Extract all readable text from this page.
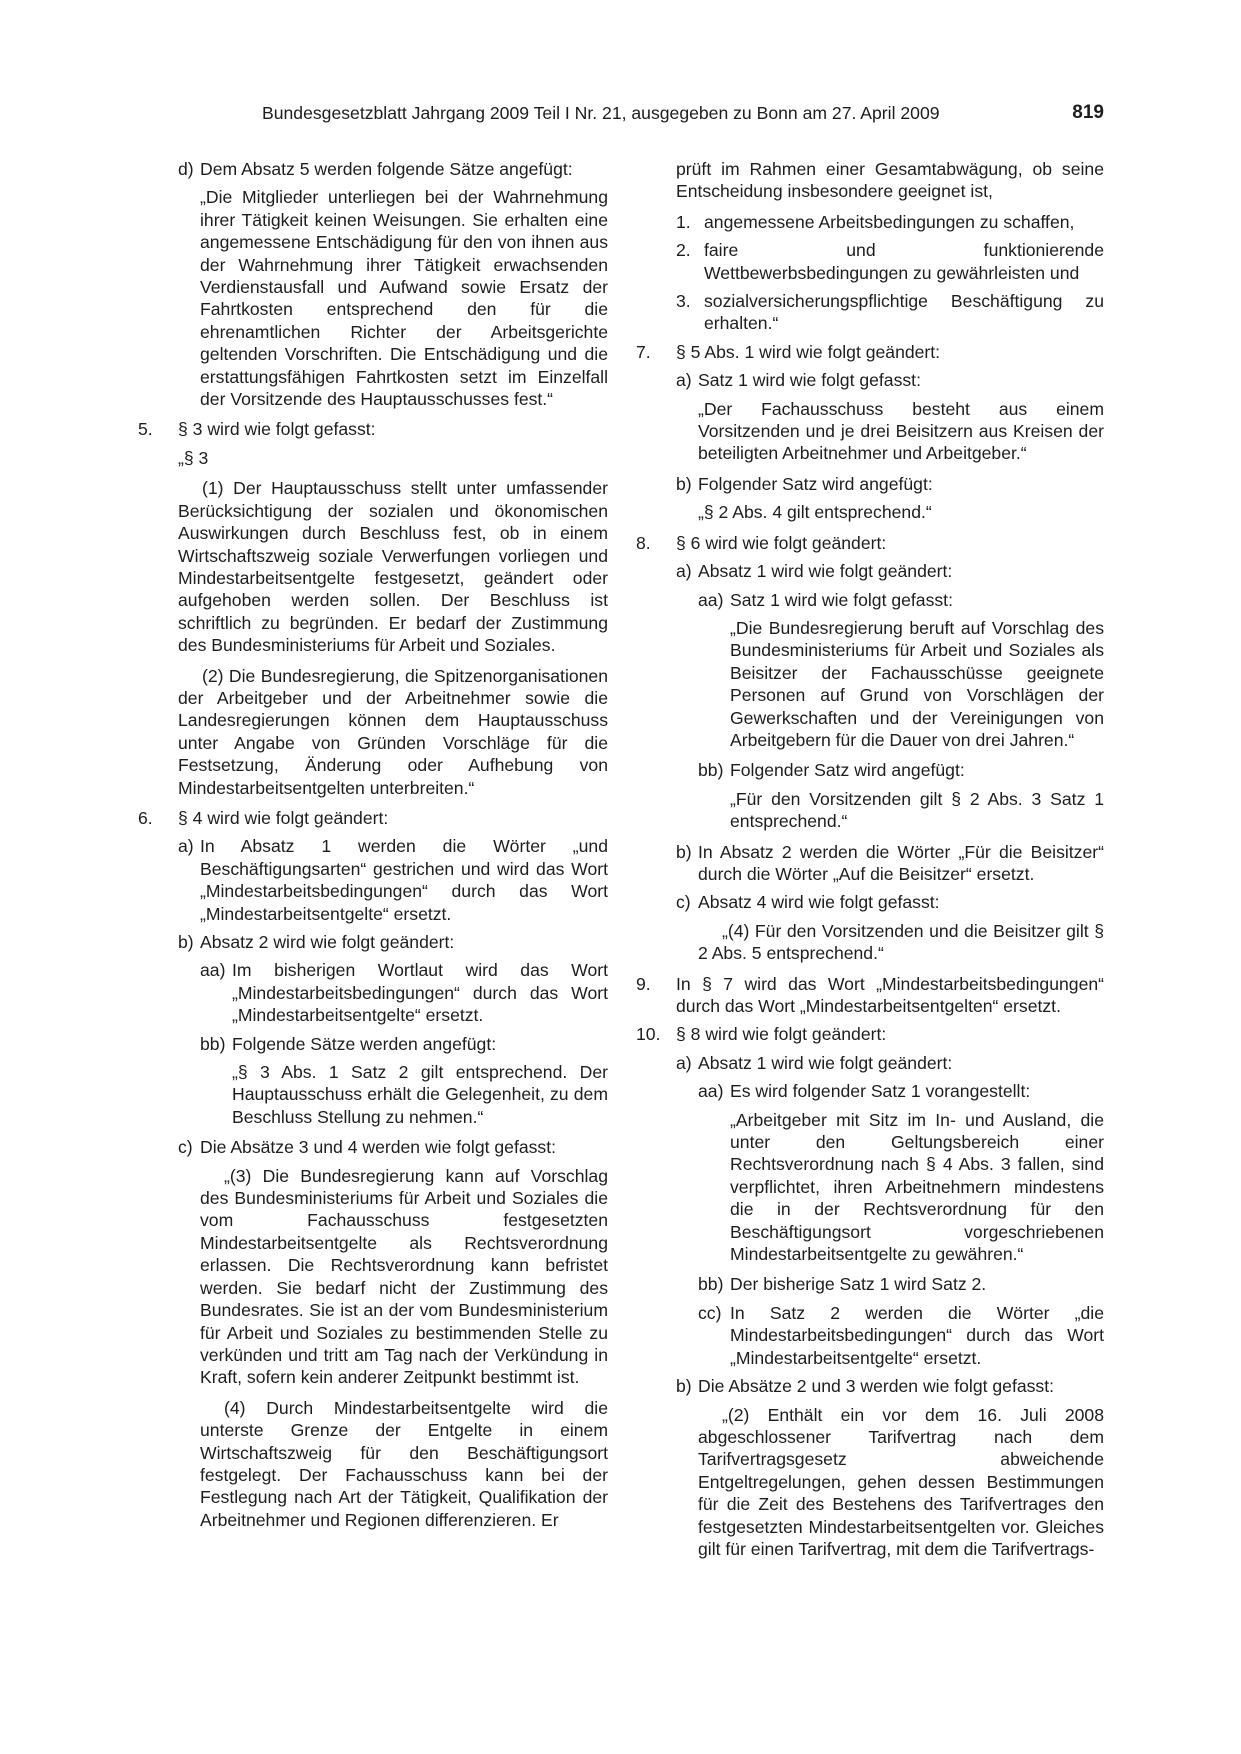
Bundesgesetzblatt Jahrgang 2009 Teil I Nr. 21, ausgegeben zu Bonn am 27. April 2009	819
d) Dem Absatz 5 werden folgende Sätze angefügt:
„Die Mitglieder unterliegen bei der Wahrnehmung ihrer Tätigkeit keinen Weisungen. Sie erhalten eine angemessene Entschädigung für den von ihnen aus der Wahrnehmung ihrer Tätigkeit erwachsenden Verdienstausfall und Aufwand sowie Ersatz der Fahrtkosten entsprechend den für die ehrenamtlichen Richter der Arbeitsgerichte geltenden Vorschriften. Die Entschädigung und die erstattungsfähigen Fahrtkosten setzt im Einzelfall der Vorsitzende des Hauptausschusses fest.“
5.	§ 3 wird wie folgt gefasst:
„§ 3
(1) Der Hauptausschuss stellt unter umfassender Berücksichtigung der sozialen und ökonomischen Auswirkungen durch Beschluss fest, ob in einem Wirtschaftszweig soziale Verwerfungen vorliegen und Mindestarbeitsentgelte festgesetzt, geändert oder aufgehoben werden sollen. Der Beschluss ist schriftlich zu begründen. Er bedarf der Zustimmung des Bundesministeriums für Arbeit und Soziales.
(2) Die Bundesregierung, die Spitzenorganisationen der Arbeitgeber und der Arbeitnehmer sowie die Landesregierungen können dem Hauptausschuss unter Angabe von Gründen Vorschläge für die Festsetzung, Änderung oder Aufhebung von Mindestarbeitsentgelten unterbreiten.“
6.	§ 4 wird wie folgt geändert:
a) In Absatz 1 werden die Wörter „und Beschäftigungsarten“ gestrichen und wird das Wort „Mindestarbeitsbedingungen“ durch das Wort „Mindestarbeitsentgelte“ ersetzt.
b) Absatz 2 wird wie folgt geändert:
aa) Im bisherigen Wortlaut wird das Wort „Mindestarbeitsbedingungen“ durch das Wort „Mindestarbeitsentgelte“ ersetzt.
bb) Folgende Sätze werden angefügt:
„§ 3 Abs. 1 Satz 2 gilt entsprechend. Der Hauptausschuss erhält die Gelegenheit, zu dem Beschluss Stellung zu nehmen.“
c) Die Absätze 3 und 4 werden wie folgt gefasst:
„(3) Die Bundesregierung kann auf Vorschlag des Bundesministeriums für Arbeit und Soziales die vom Fachausschuss festgesetzten Mindestarbeitsentgelte als Rechtsverordnung erlassen. Die Rechtsverordnung kann befristet werden. Sie bedarf nicht der Zustimmung des Bundesrates. Sie ist an der vom Bundesministerium für Arbeit und Soziales zu bestimmenden Stelle zu verkünden und tritt am Tag nach der Verkündung in Kraft, sofern kein anderer Zeitpunkt bestimmt ist.
(4) Durch Mindestarbeitsentgelte wird die unterste Grenze der Entgelte in einem Wirtschaftszweig für den Beschäftigungsort festgelegt. Der Fachausschuss kann bei der Festlegung nach Art der Tätigkeit, Qualifikation der Arbeitnehmer und Regionen differenzieren. Er
prüft im Rahmen einer Gesamtabwägung, ob seine Entscheidung insbesondere geeignet ist,
1. angemessene Arbeitsbedingungen zu schaffen,
2. faire und funktionierende Wettbewerbsbedingungen zu gewährleisten und
3. sozialversicherungspflichtige Beschäftigung zu erhalten.“
7.	§ 5 Abs. 1 wird wie folgt geändert:
a) Satz 1 wird wie folgt gefasst:
„Der Fachausschuss besteht aus einem Vorsitzenden und je drei Beisitzern aus Kreisen der beteiligten Arbeitnehmer und Arbeitgeber.“
b) Folgender Satz wird angefügt:
„§ 2 Abs. 4 gilt entsprechend.“
8.	§ 6 wird wie folgt geändert:
a) Absatz 1 wird wie folgt geändert:
aa) Satz 1 wird wie folgt gefasst:
„Die Bundesregierung beruft auf Vorschlag des Bundesministeriums für Arbeit und Soziales als Beisitzer der Fachausschüsse geeignete Personen auf Grund von Vorschlägen der Gewerkschaften und der Vereinigungen von Arbeitgebern für die Dauer von drei Jahren.“
bb) Folgender Satz wird angefügt:
„Für den Vorsitzenden gilt § 2 Abs. 3 Satz 1 entsprechend.“
b) In Absatz 2 werden die Wörter „Für die Beisitzer“ durch die Wörter „Auf die Beisitzer“ ersetzt.
c) Absatz 4 wird wie folgt gefasst:
„(4) Für den Vorsitzenden und die Beisitzer gilt § 2 Abs. 5 entsprechend.“
9.	In § 7 wird das Wort „Mindestarbeitsbedingungen“ durch das Wort „Mindestarbeitsentgelten“ ersetzt.
10. § 8 wird wie folgt geändert:
a) Absatz 1 wird wie folgt geändert:
aa) Es wird folgender Satz 1 vorangestellt:
„Arbeitgeber mit Sitz im In- und Ausland, die unter den Geltungsbereich einer Rechtsverordnung nach § 4 Abs. 3 fallen, sind verpflichtet, ihren Arbeitnehmern mindestens die in der Rechtsverordnung für den Beschäftigungsort vorgeschriebenen Mindestarbeitsentgelte zu gewähren.“
bb) Der bisherige Satz 1 wird Satz 2.
cc) In Satz 2 werden die Wörter „die Mindestarbeitsbedingungen“ durch das Wort „Mindestarbeitsentgelte“ ersetzt.
b) Die Absätze 2 und 3 werden wie folgt gefasst:
„(2) Enthält ein vor dem 16. Juli 2008 abgeschlossener Tarifvertrag nach dem Tarifvertragsgesetz abweichende Entgeltregelungen, gehen dessen Bestimmungen für die Zeit des Bestehens des Tarifvertrages den festgesetzten Mindestarbeitsentgelten vor. Gleiches gilt für einen Tarifvertrag, mit dem die Tarifvertrags-
